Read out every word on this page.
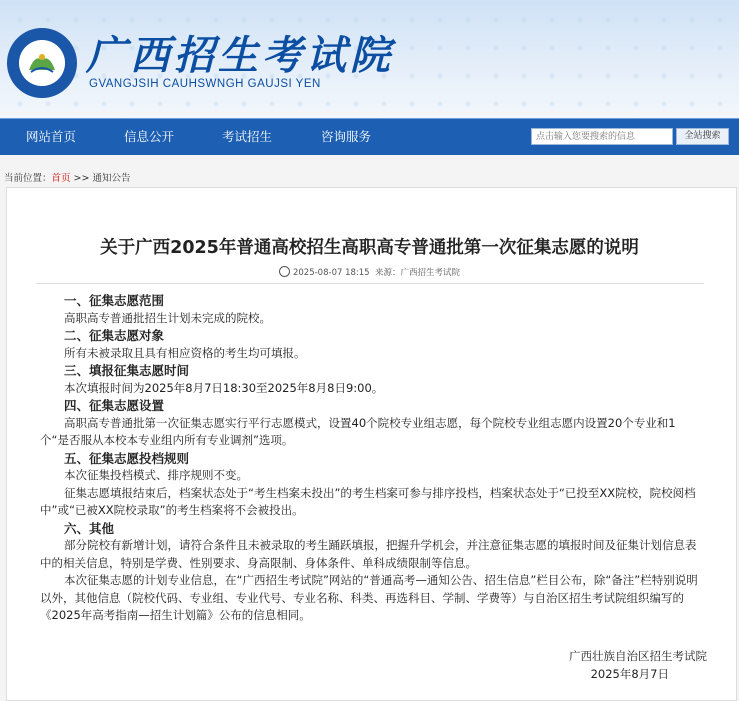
广西招生考试院
GVANGJSIH CAUHSWNGH GAUJSI YEN
网站首页	信息公开	考试招生	咨询服务	点击输入您要搜索的信息	全站搜索
当前位置：首页 >> 通知公告
关于广西2025年普通高校招生高职高专普通批第一次征集志愿的说明
2025-08-07 18:15 来源：广西招生考试院

一、征集志愿范围

高职高专普通批招生计划未完成的院校。

二、征集志愿对象

所有未被录取且具有相应资格的考生均可填报。

三、填报征集志愿时间

本次填报时间为2025年8月7日18:30至2025年8月8日9:00。

四、征集志愿设置

高职高专普通批第一次征集志愿实行平行志愿模式，设置40个院校专业组志愿，每个院校专业组志愿内设置20个专业和1个“是否服从本校本专业组内所有专业调剂”选项。

五、征集志愿投档规则

本次征集投档模式、排序规则不变。

征集志愿填报结束后，档案状态处于“考生档案未投出”的考生档案可参与排序投档，档案状态处于“已投至XX院校，院校阅档中”或“已被XX院校录取”的考生档案将不会被投出。

六、其他

部分院校有新增计划，请符合条件且未被录取的考生踊跃填报，把握升学机会，并注意征集志愿的填报时间及征集计划信息表中的相关信息，特别是学费、性别要求、身高限制、身体条件、单科成绩限制等信息。

本次征集志愿的计划专业信息，在“广西招生考试院”网站的“普通高考—通知公告、招生信息”栏目公布，除“备注”栏特别说明以外，其他信息（院校代码、专业组、专业代号、专业名称、科类、再选科目、学制、学费等）与自治区招生考试院组织编写的《2025年高考指南—招生计划篇》公布的信息相同。

广西壮族自治区招生考试院
2025年8月7日
